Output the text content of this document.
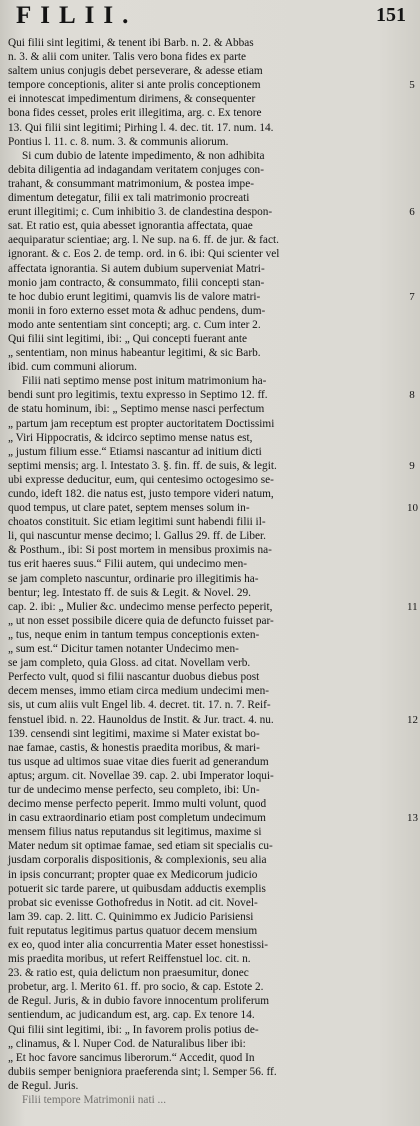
FILII.	151
Qui filii sint legitimi, & tenent ibi Barb. n. 2. & Abbas
n. 3. & alii com uniter. Talis vero bona fides ex parte
saltem unius conjugis debet perseverare, & adesse etiam
tempore conceptionis, aliter si ante prolis conceptionem	5
ei innotescat impedimentum dirimens, & consequenter
bona fides cesset, proles erit illegitima, arg. c. Ex tenore
13. Qui filii sint legitimi; Pirhing l. 4. dec. tit. 17. num. 14.
Pontius l. 11. c. 8. num. 3. & communis aliorum.
Si cum dubio de latente impedimento, & non adhibita
debita diligentia ad indagandam veritatem conjuges con-
trahant, & consummant matrimonium, & postea impe-
dimentum detegatur, filii ex tali matrimonio procreati
erunt illegitimi; c. Cum inhibitio 3. de clandestina despon-	6
sat. Et ratio est, quia abesset ignorantia affectata, quae
aequiparatur scientiae; arg. l. Ne sup. na 6. ff. de jur. & fact.
ignorant. & c. Eos 2. de temp. ord. in 6. ibi: Qui scienter vel
affectata ignorantia. Si autem dubium superveniat Matri-
monio jam contracto, & consummato, filii concepti stan-
te hoc dubio erunt legitimi, quamvis lis de valore matri-	7
monii in foro externo esset mota & adhuc pendens, dum-
modo ante sententiam sint concepti; arg. c. Cum inter 2.
Qui filii sint legitimi, ibi: „ Qui concepti fuerant ante
„ sententiam, non minus habeantur legitimi, & sic Barb.
ibid. cum communi aliorum.
Filii nati septimo mense post initum matrimonium ha-
bendi sunt pro legitimis, textu expresso in Septimo 12. ff.	8
de statu hominum, ibi: „ Septimo mense nasci perfectum
„ partum jam receptum est propter auctoritatem Doctissimi
„ Viri Hippocratis, & idcirco septimo mense natus est,
„ justum filium esse.“ Etiamsi nascantur ad initium dicti
septimi mensis; arg. l. Intestato 3. §. fin. ff. de suis, & legit.	9
ubi expresse deducitur, eum, qui centesimo octogesimo se-
cundo, ideft 182. die natus est, justo tempore videri natum,
quod tempus, ut clare patet, septem menses solum in-	10
choatos constituit. Sic etiam legitimi sunt habendi filii il-
li, qui nascuntur mense decimo; l. Gallus 29. ff. de Liber.
& Posthum., ibi: Si post mortem in mensibus proximis na-
tus erit haeres suus.“ Filii autem, qui undecimo men-
se jam completo nascuntur, ordinarie pro illegitimis ha-
bentur; leg. Intestato ff. de suis & Legit. & Novel. 29.
cap. 2. ibi: „ Mulier &c. undecimo mense perfecto peperit,	11
„ ut non esset possibile dicere quia de defuncto fuisset par-
„ tus, neque enim in tantum tempus conceptionis exten-
„ sum est.“ Dicitur tamen notanter Undecimo men-
se jam completo, quia Gloss. ad citat. Novellam verb.
Perfecto vult, quod si filii nascantur duobus diebus post
decem menses, immo etiam circa medium undecimi men-
sis, ut cum aliis vult Engel lib. 4. decret. tit. 17. n. 7. Reif-
fenstuel ibid. n. 22. Haunoldus de Instit. & Jur. tract. 4. nu.	12
139. censendi sint legitimi, maxime si Mater existat bo-
nae famae, castis, & honestis praedita moribus, & mari-
tus usque ad ultimos suae vitae dies fuerit ad generandum
aptus; argum. cit. Novellae 39. cap. 2. ubi Imperator loqui-
tur de undecimo mense perfecto, seu completo, ibi: Un-
decimo mense perfecto peperit. Immo multi volunt, quod
in casu extraordinario etiam post completum undecimum	13
mensem filius natus reputandus sit legitimus, maxime si
Mater nedum sit optimae famae, sed etiam sit specialis cu-
jusdam corporalis dispositionis, & complexionis, seu alia
in ipsis concurrant; propter quae ex Medicorum judicio
potuerit sic tarde parere, ut quibusdam adductis exemplis
probat sic evenisse Gothofredus in Notit. ad cit. Novel-
lam 39. cap. 2. litt. C. Quinimmo ex Judicio Parisiensi
fuit reputatus legitimus partus quatuor decem mensium
ex eo, quod inter alia concurrentia Mater esset honestissi-
mis praedita moribus, ut refert Reiffenstuel loc. cit. n.
23. & ratio est, quia delictum non praesumitur, donec
probetur, arg. l. Merito 61. ff. pro socio, & cap. Estote 2.
de Regul. Juris, & in dubio favore innocentum proliferum
sentiendum, ac judicandum est, arg. cap. Ex tenore 14.
Qui filii sint legitimi, ibi: „ In favorem prolis potius de-
„ clinamus, & l. Nuper Cod. de Naturalibus liber ibi:
„ Et hoc favore sancimus liberorum.“ Accedit, quod In
dubiis semper benigniora praeferenda sint; l. Semper 56. ff.
de Regul. Juris.
Filii tempore Matrimonii nati ...
